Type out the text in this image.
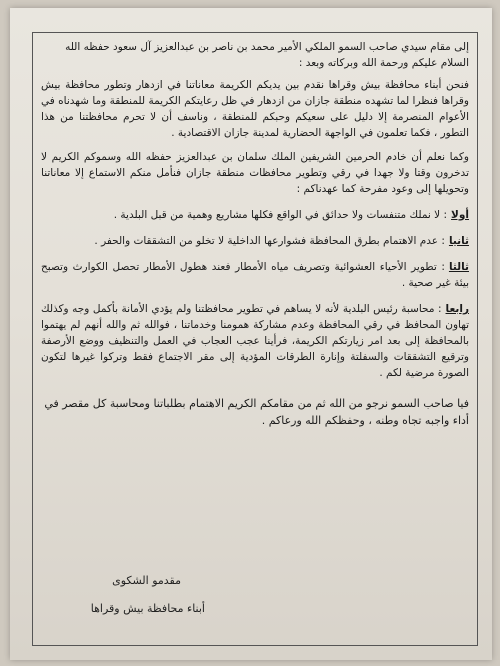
إلى مقام سيدي صاحب السمو الملكي الأمير محمد بن ناصر بن عبدالعزيز آل سعود حفظه الله

السلام عليكم ورحمة الله وبركاته وبعد :

فنحن أبناء محافظة بيش وقراها نقدم بين يديكم الكريمة معاناتنا في ازدهار وتطور محافظة بيش وقراها فنظرا لما تشهده منطقة جازان من ازدهار في ظل رعايتكم الكريمة للمنطقة وما شهدناه في الأعوام المنصرمة إلا دليل على سعيكم وحبكم للمنطقة ، وناسف أن لا تحرم محافظتنا من هذا التطور ، فكما تعلمون في الواجهة الحضارية لمدينة جازان الاقتصادية .

وكما نعلم أن خادم الحرمين الشريفين الملك سلمان بن عبدالعزيز حفظه الله وسموكم الكريم لا تدخرون وقتا ولا جهدا في رقي وتطوير محافظات منطقة جازان فنأمل منكم الاستماع إلا معاناتنا وتحويلها إلى وعود مفرحة كما عهدناكم :

أولا: لا نملك متنفسات ولا حدائق في الواقع فكلها مشاريع وهمية من قبل البلدية .

ثانيا: عدم الاهتمام بطرق المحافظة فشوارعها الداخلية لا تخلو من التشققات والحفر .

ثالثا: تطوير الأحياء العشوائية وتصريف مياه الأمطار فعند هطول الأمطار تحصل الكوارث وتصبح بيئة غير صحية .

رابعا: محاسبة رئيس البلدية لأنه لا يساهم في تطوير محافظتنا ولم يؤدي الأمانة بأكمل وجه وكذلك تهاون المحافظ في رقي المحافظة وعدم مشاركة همومنا وخدماتنا ، فوالله ثم والله أنهم لم يهتموا بالمحافظة إلى بعد امر زيارتكم الكريمة، فرأينا عجب العجاب في العمل والتنظيف ووضع الأرصفة وترقيع التشققات والسفلتة وإنارة الطرقات المؤدية إلى مقر الاجتماع فقط وتركوا غيرها لتكون الصورة مرضية لكم .

فيا صاحب السمو نرجو من الله ثم من مقامكم الكريم الاهتمام بطلباتنا ومحاسبة كل مقصر في أداء واجبه تجاه وطنه ، وحفظكم الله ورعاكم .

مقدمو الشكوى
أبناء محافظة بيش وقراها
